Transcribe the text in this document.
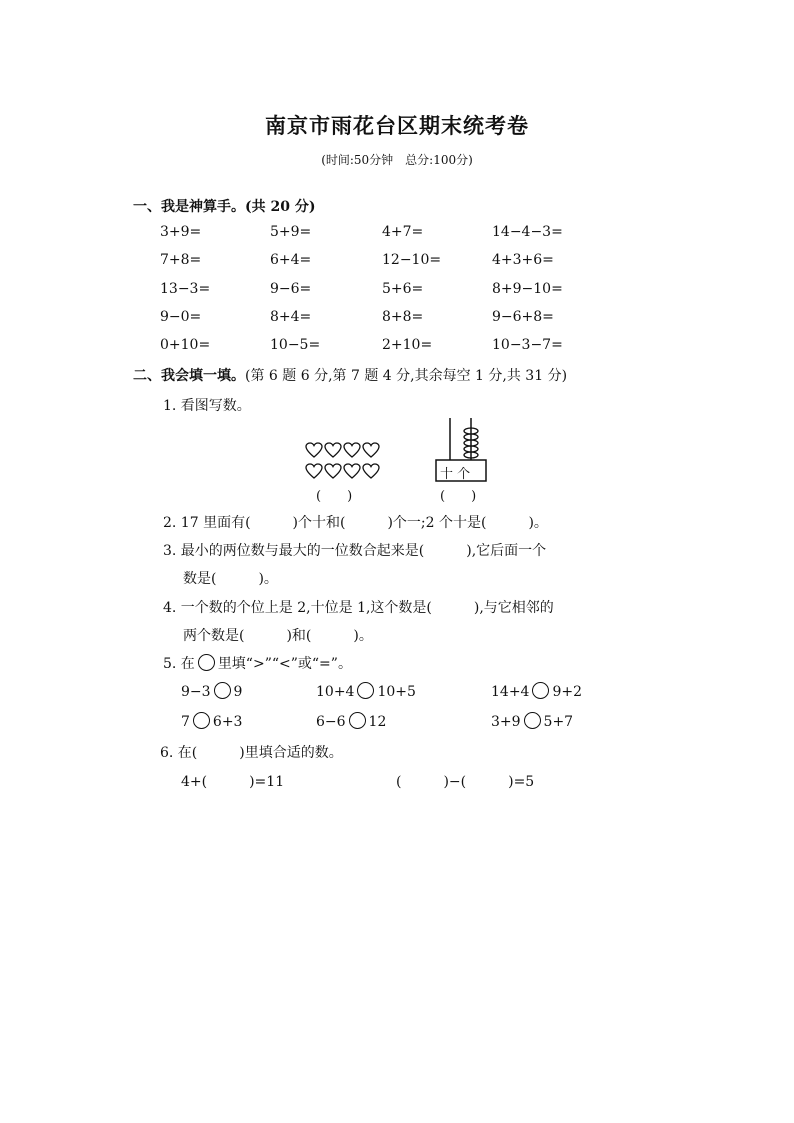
南京市雨花台区期末统考卷
(时间:50分钟　总分:100分)
一、我是神算手。(共 20 分)
3+9=	5+9=	4+7=	14−4−3=
7+8=	6+4=	12−10=	4+3+6=
13−3=	9−6=	5+6=	8+9−10=
9−0=	8+4=	8+8=	9−6+8=
0+10=	10−5=	2+10=	10−3−7=
二、我会填一填。(第 6 题 6 分,第 7 题 4 分,其余每空 1 分,共 31 分)
1. 看图写数。
(　　)
十 个
(　　)
2. 17 里面有(　　　)个十和(　　　)个一;2 个十是(　　　)。
3. 最小的两位数与最大的一位数合起来是(　　　),它后面一个
数是(　　　)。
4. 一个数的个位上是 2,十位是 1,这个数是(　　　),与它相邻的
两个数是(　　　)和(　　　)。
5. 在 里填“>”“<”或“=”。
9−3 9	10+4 10+5	14+4 9+2
7 6+3	6−6 12	3+9 5+7
6. 在(　　　)里填合适的数。
4+(　　　)=11	(　　　)−(　　　)=5
